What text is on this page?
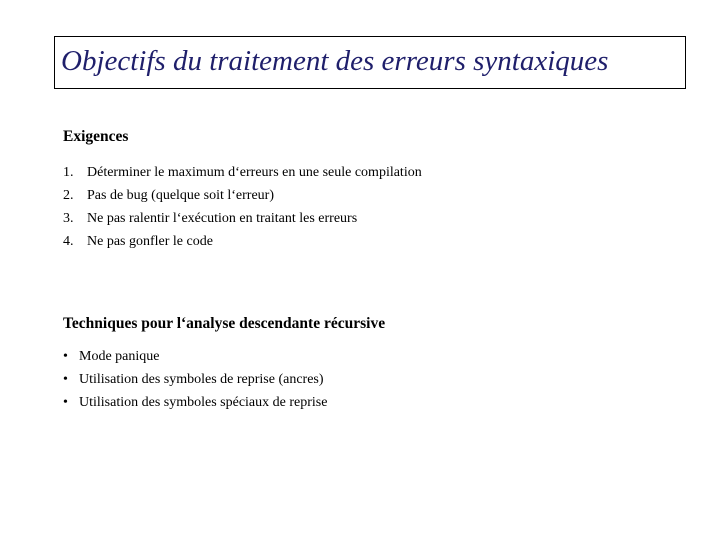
Objectifs du traitement des erreurs syntaxiques
Exigences
1. Déterminer le maximum d‘erreurs en une seule compilation
2. Pas de bug (quelque soit l‘erreur)
3. Ne pas ralentir l‘exécution en traitant les erreurs
4. Ne pas gonfler le code
Techniques pour l‘analyse descendante récursive
• Mode panique
• Utilisation des symboles de reprise (ancres)
• Utilisation des symboles spéciaux de reprise
